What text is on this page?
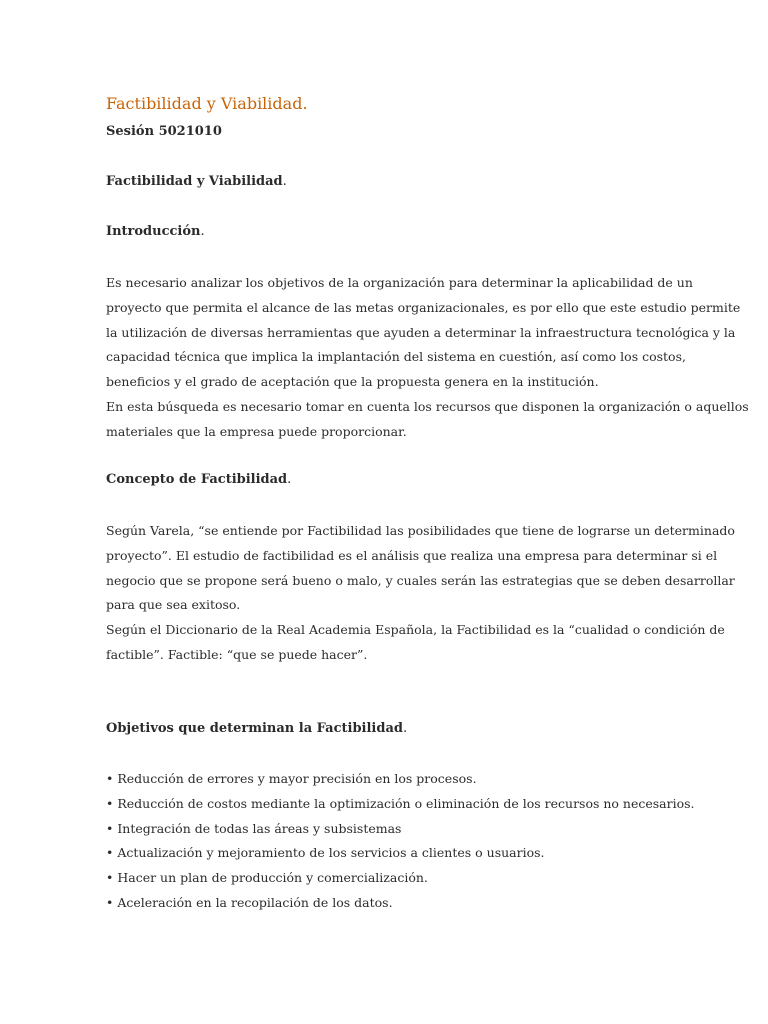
Factibilidad y Viabilidad.
Sesión 5021010
Factibilidad y Viabilidad.
Introducción.
Es necesario analizar los objetivos de la organización para determinar la aplicabilidad de un
proyecto que permita el alcance de las metas organizacionales, es por ello que este estudio permite
la utilización de diversas herramientas que ayuden a determinar la infraestructura tecnológica y la
capacidad técnica que implica la implantación del sistema en cuestión, así como los costos,
beneficios y el grado de aceptación que la propuesta genera en la institución.
En esta búsqueda es necesario tomar en cuenta los recursos que disponen la organización o aquellos
materiales que la empresa puede proporcionar.
Concepto de Factibilidad.
Según Varela, “se entiende por Factibilidad las posibilidades que tiene de lograrse un determinado
proyecto”. El estudio de factibilidad es el análisis que realiza una empresa para determinar si el
negocio que se propone será bueno o malo, y cuales serán las estrategias que se deben desarrollar
para que sea exitoso.
Según el Diccionario de la Real Academia Española, la Factibilidad es la “cualidad o condición de
factible”. Factible: “que se puede hacer”.
Objetivos que determinan la Factibilidad.
• Reducción de errores y mayor precisión en los procesos.
• Reducción de costos mediante la optimización o eliminación de los recursos no necesarios.
• Integración de todas las áreas y subsistemas
• Actualización y mejoramiento de los servicios a clientes o usuarios.
• Hacer un plan de producción y comercialización.
• Aceleración en la recopilación de los datos.
